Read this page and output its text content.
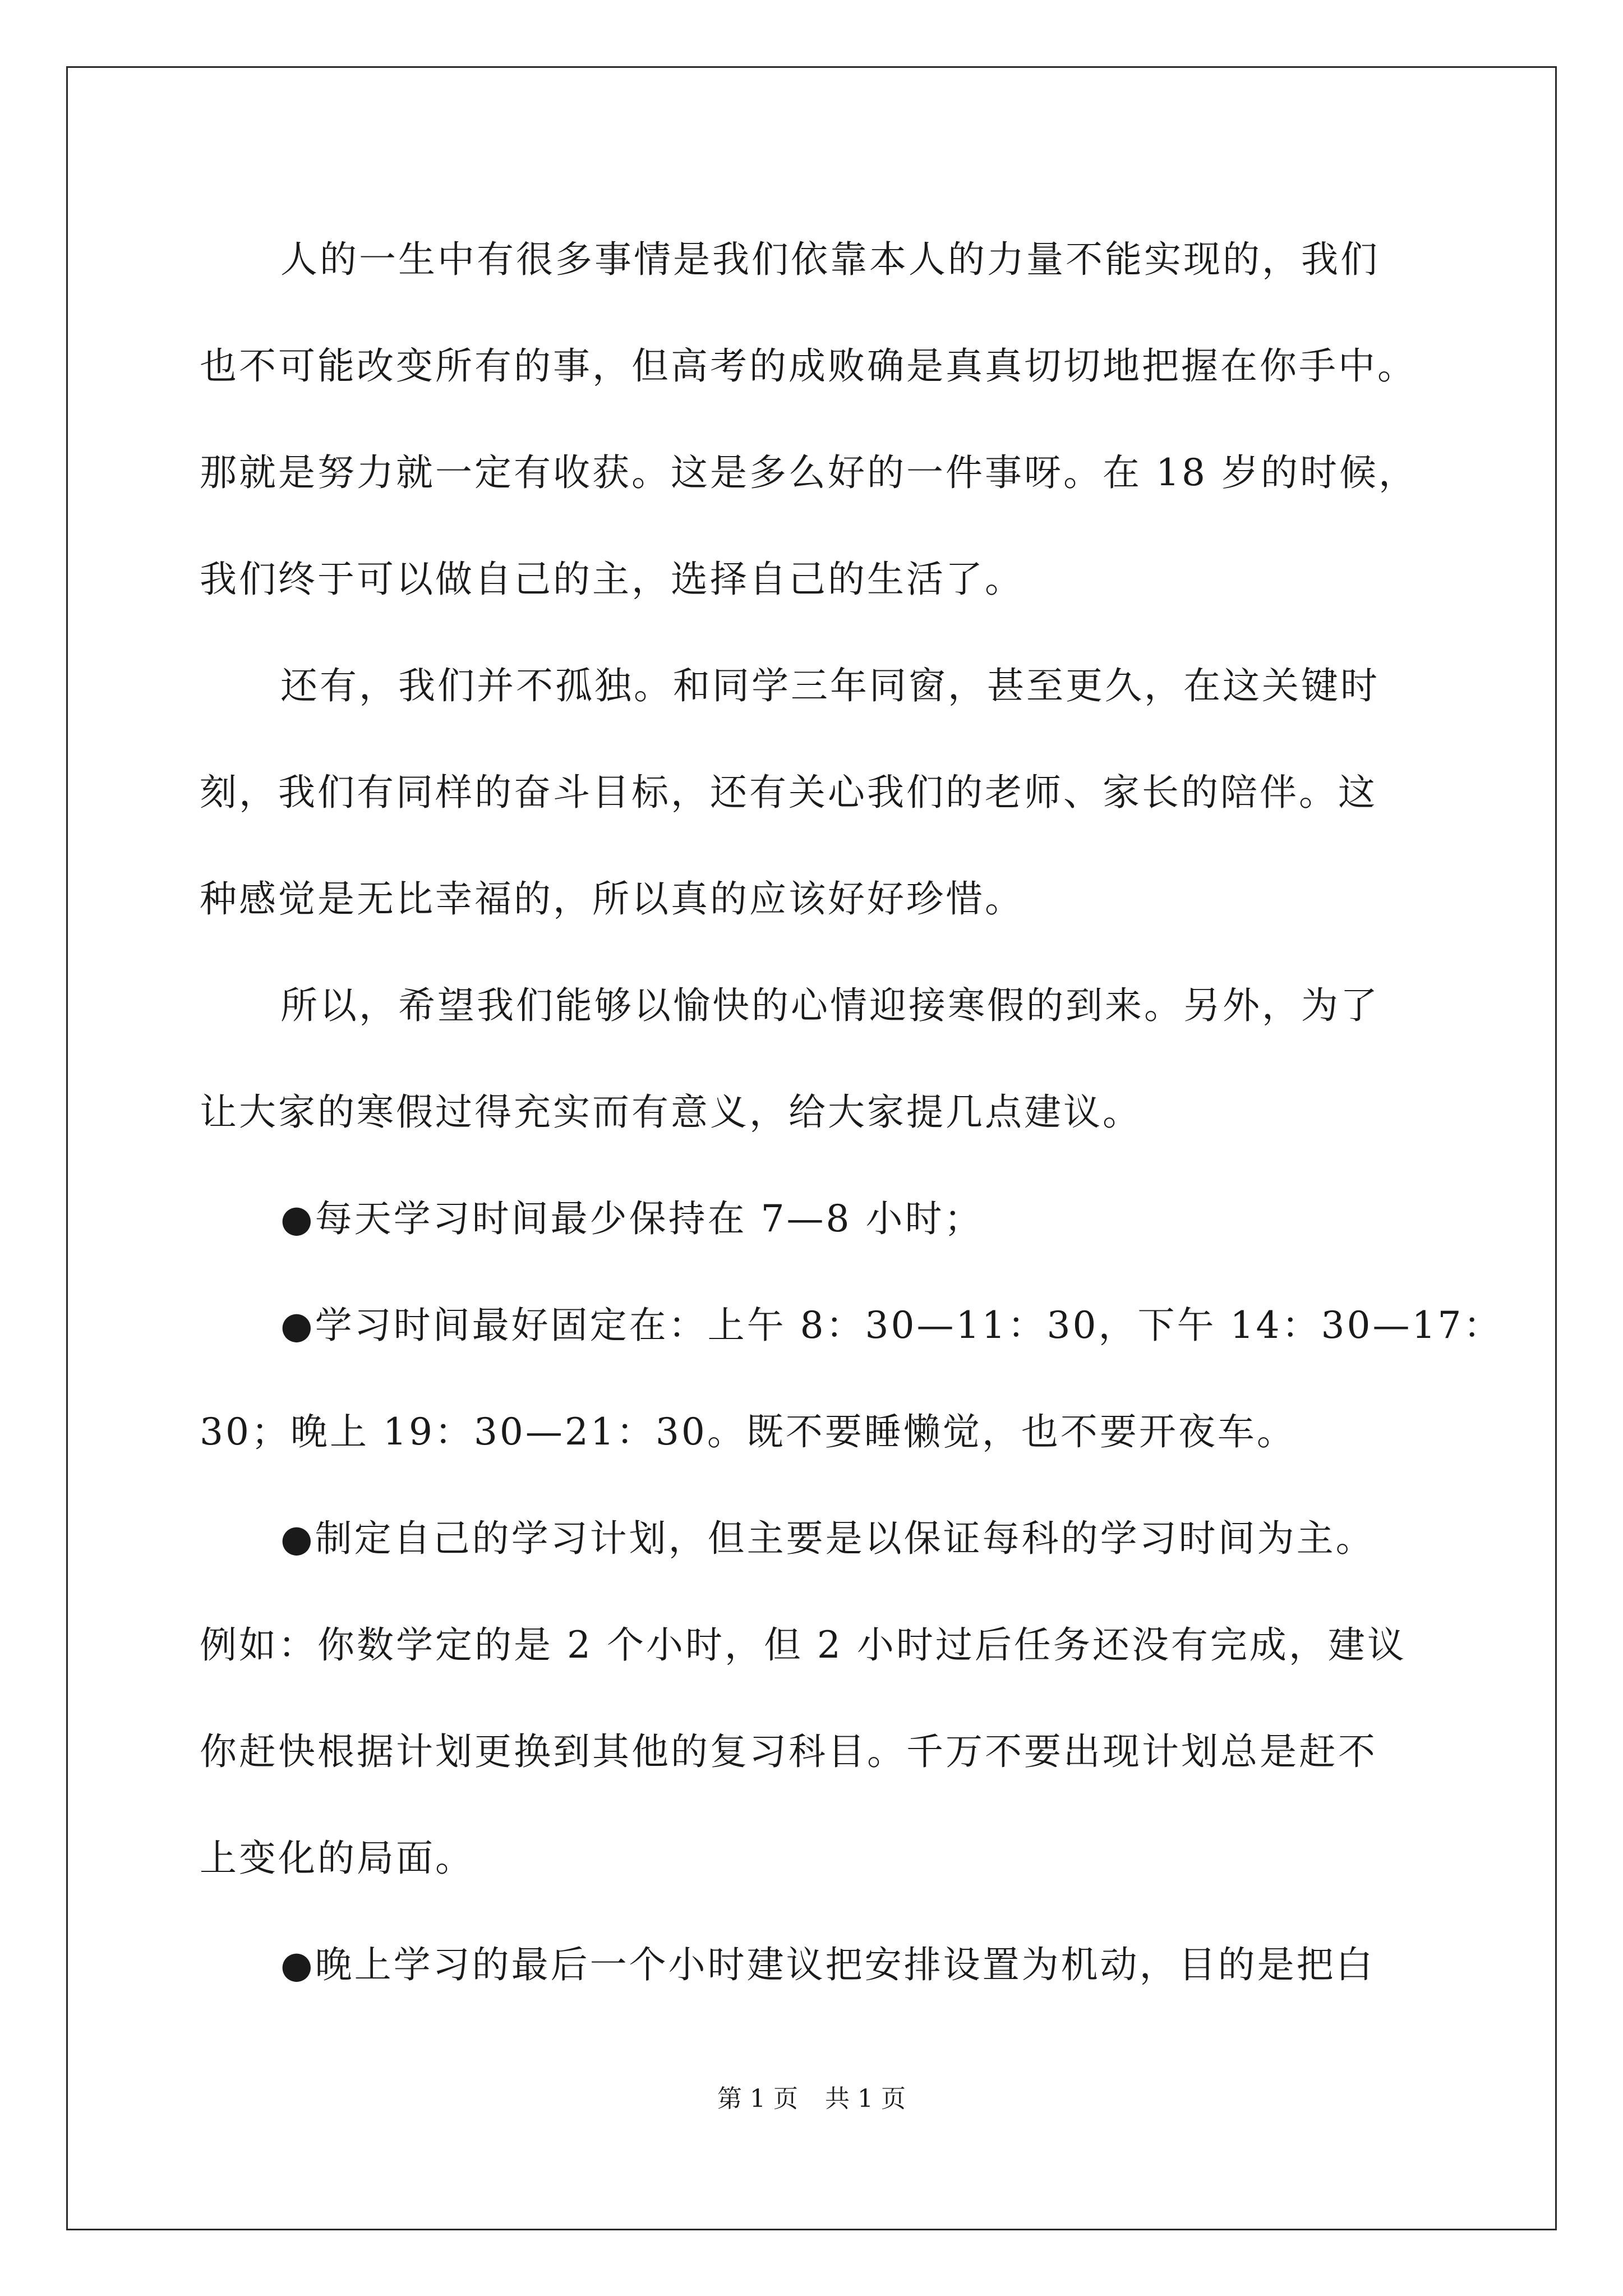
人的一生中有很多事情是我们依靠本人的力量不能实现的，我们
也不可能改变所有的事，但高考的成败确是真真切切地把握在你手中。
那就是努力就一定有收获。这是多么好的一件事呀。在 18 岁的时候，
我们终于可以做自己的主，选择自己的生活了。
还有，我们并不孤独。和同学三年同窗，甚至更久，在这关键时
刻，我们有同样的奋斗目标，还有关心我们的老师、家长的陪伴。这
种感觉是无比幸福的，所以真的应该好好珍惜。
所以，希望我们能够以愉快的心情迎接寒假的到来。另外，为了
让大家的寒假过得充实而有意义，给大家提几点建议。
●每天学习时间最少保持在 7—8 小时；
●学习时间最好固定在：上午 8：30—11：30，下午 14：30—17：
30；晚上 19：30—21：30。既不要睡懒觉，也不要开夜车。
●制定自己的学习计划，但主要是以保证每科的学习时间为主。
例如：你数学定的是 2 个小时，但 2 小时过后任务还没有完成，建议
你赶快根据计划更换到其他的复习科目。千万不要出现计划总是赶不
上变化的局面。
●晚上学习的最后一个小时建议把安排设置为机动，目的是把白
第 1 页 共 1 页
